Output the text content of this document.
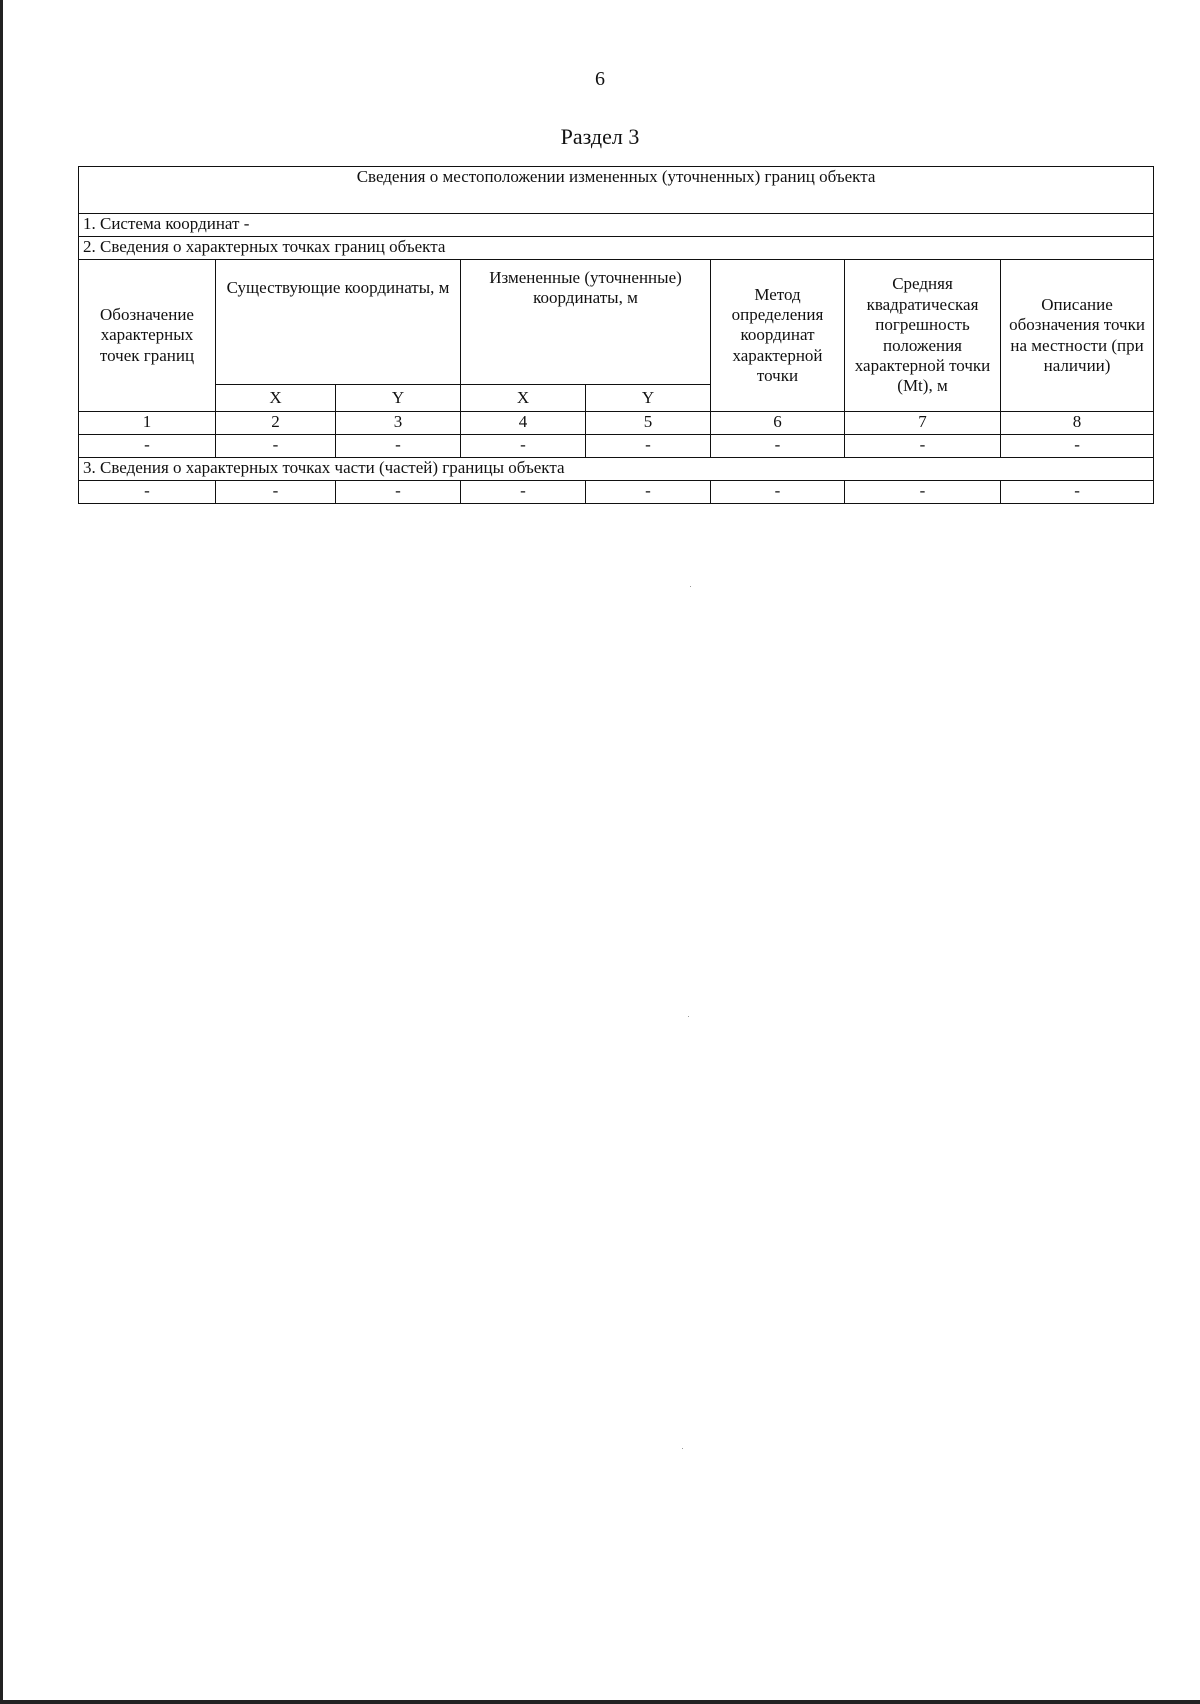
6
Раздел 3
Сведения о местоположении измененных (уточненных) границ объекта							
1. Система координат -							
2. Сведения о характерных точках границ объекта							
Обозначение характерных точек границ	Существующие координаты, м		Измененные (уточненные) координаты, м		Метод определения координат характерной точки	Средняя квадратическая погрешность положения характерной точки (Mt), м	Описание обозначения точки на местности (при наличии)
	X	Y	X	Y			
1	2	3	4	5	6	7	8
-	-	-	-	-	-	-	-
3. Сведения о характерных точках части (частей) границы объекта							
-	-	-	-	-	-	-	-
